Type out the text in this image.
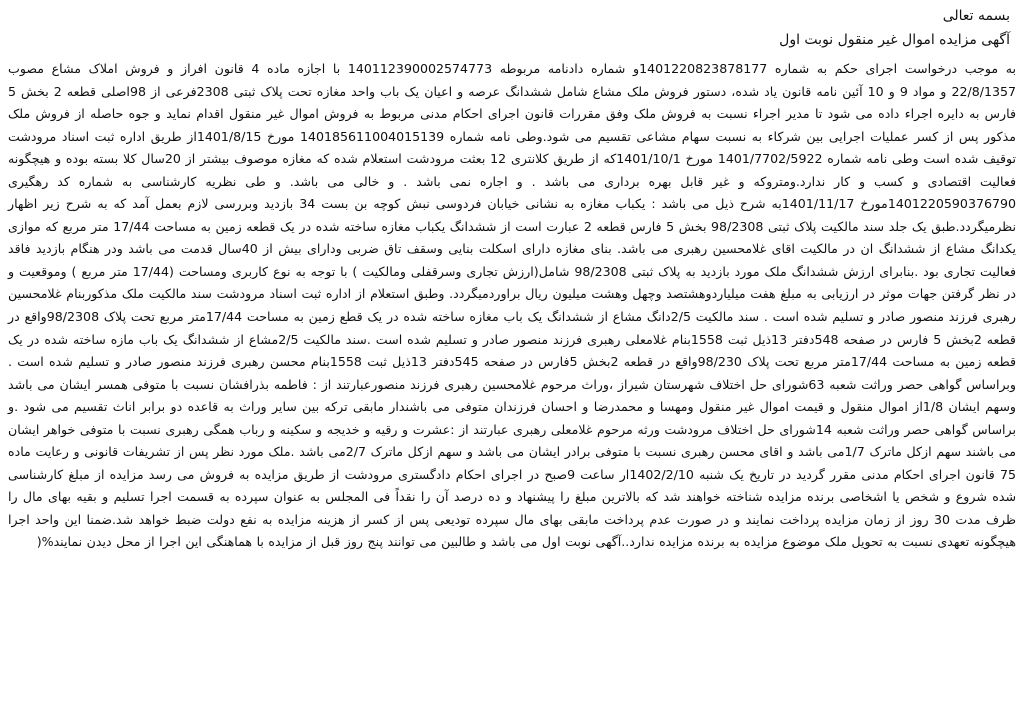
بسمه تعالی

آگهی مزایده اموال غیر منقول نوبت اول

به موجب درخواست اجرای حکم به شماره 1401220823878177و شماره دادنامه مربوطه 140112390002574773 با اجازه ماده 4 قانون افراز و فروش املاک مشاع مصوب 22/8/1357 و مواد 9 و 10 آئین نامه قانون یاد شده، دستور فروش ملک مشاع شامل ششدانگ عرصه و اعیان یک باب واحد مغازه تحت پلاک ثبتی 2308فرعی از 98اصلی قطعه 2 بخش 5 فارس به دایره اجراء داده می شود تا مدیر اجراء نسبت به فروش ملک وفق مقررات قانون اجرای احکام مدنی مربوط به فروش اموال غیر منقول اقدام نماید و جوه حاصله از فروش ملک مذکور پس از کسر عملیات اجرایی بین شرکاء به نسبت سهام مشاعی تقسیم می شود.وطی نامه شماره 140185611004015139 مورخ 1401/8/15از طریق اداره ثبت اسناد مرودشت توقیف شده است وطی نامه شماره 1401/7702/5922 مورخ 1401/10/1که از طریق کلانتری 12 بعثت مرودشت استعلام شده که مغازه موصوف بیشتر از 20سال کلا بسته بوده و هیچگونه فعالیت اقتصادی و کسب و کار ندارد.ومتروکه و غیر قابل بهره برداری می باشد . و اجاره نمی باشد . و خالی می باشد. و طی نظریه کارشناسی به شماره کد رهگیری 1401220590376790مورخ 1401/11/17به شرح ذیل می باشد : یکباب مغازه به نشانی خیابان فردوسی نبش کوچه بن بست 34 بازدید وبررسی لازم بعمل آمد که به شرح زیر اظهار نظرمیگردد.طبق یک جلد سند مالکیت پلاک ثبتی 98/2308 بخش 5 فارس قطعه 2 عبارت است از ششدانگ یکباب مغازه ساخته شده در یک قطعه زمین به مساحت 17/44 متر مربع که موازی یکدانگ مشاع از ششدانگ ان در مالکیت اقای غلامحسین رهبری می باشد. بنای مغازه دارای اسکلت بنایی وسقف تاق ضربی ودارای بیش از 40سال قدمت می باشد ودر هنگام بازدید فاقد فعالیت تجاری بود .بنابرای ارزش ششدانگ ملک مورد بازدید به پلاک ثبتی 98/2308 شامل(ارزش تجاری وسرقفلی ومالکیت ) با توجه به نوع کاربری ومساحت (17/44 متر مربع ) وموقعیت و در نظر گرفتن جهات موثر در ارزیابی به مبلغ هفت میلیاردوهشتصد وچهل وهشت میلیون ریال براوردمیگردد. وطبق استعلام از اداره ثبت اسناد مرودشت سند مالکیت ملک مذکوربنام غلامحسین رهبری فرزند منصور صادر و تسلیم شده است . سند مالکیت 2/5دانگ مشاع از ششدانگ یک باب مغازه ساخته شده در یک قطع زمین به مساحت 17/44متر مربع تحت پلاک 98/2308واقع در قطعه 2بخش 5 فارس در صفحه 548دفتر 13ذیل ثبت 1558بنام غلامعلی رهبری فرزند منصور صادر و تسلیم شده است .سند مالکیت 2/5مشاع از ششدانگ یک باب مازه ساخته شده در یک قطعه زمین به مساحت 17/44متر مربع تحت پلاک 98/230واقع در قطعه 2بخش 5فارس در صفحه 545دفتر 13ذیل ثبت 1558بنام محسن رهبری فرزند منصور صادر و تسلیم شده است . وبراساس گواهی حصر وراثت شعبه 63شورای حل اختلاف شهرستان شیراز ،وراث مرحوم غلامحسین رهبری فرزند منصورعبارتند از : فاطمه بذرافشان نسبت با متوفی همسر ایشان می باشد وسهم ایشان 1/8از اموال منقول و قیمت اموال غیر منقول ومهسا و محمدرضا و احسان فرزندان متوفی می باشندار مابقی ترکه بین سایر وراث به قاعده دو برابر اناث تقسیم می شود .و براساس گواهی حصر وراثت شعبه 14شورای حل اختلاف مرودشت ورثه مرحوم غلامعلی رهبری عبارتند از :عشرت و رقیه و خدیجه و سکینه و رباب همگی رهبری نسبت با متوفی خواهر ایشان می باشند سهم ازکل ماترک 1/7می باشد و اقای محسن رهبری نسبت با متوفی برادر ایشان می باشد و سهم ازکل ماترک 2/7می باشد .ملک مورد نظر پس از تشریفات قانونی و رعایت ماده 75 قانون اجرای احکام مدنی مقرر گردید در تاریخ یک شنبه 1402/2/10ار ساعت 9صبح در اجرای احکام دادگستری مرودشت از طریق مزایده به فروش می رسد مزایده از مبلغ کارشناسی شده شروع و شخص یا اشخاصی برنده مزایده شناخته خواهند شد که بالاترین مبلغ را پیشنهاد و ده درصد آن را نقداً فی المجلس به عنوان سپرده به قسمت اجرا تسلیم و بقیه بهای مال را ظرف مدت 30 روز از زمان مزایده پرداخت نمایند و در صورت عدم پرداخت مابقی بهای مال سپرده تودیعی پس از کسر از هزینه مزایده به نفع دولت ضبط خواهد شد.ضمنا این واحد اجرا هیچگونه تعهدی نسبت به تحویل ملک موضوع مزایده به برنده مزایده ندارد..آگهی نوبت اول می باشد و طالبین می توانند پنج روز قبل از مزایده با هماهنگی این اجرا از محل دیدن نمایند%(
